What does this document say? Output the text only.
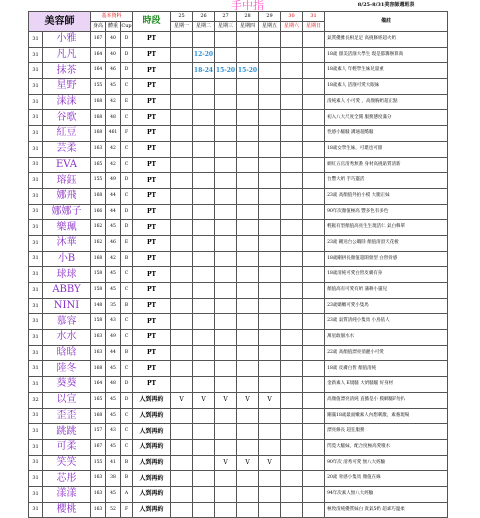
						手中指							8/25-8/31美容師週班表
美容師		基本資料			時段	25	26	27	28	29	30	31	備註
		身高	體重	Cup		星期一	星期二	星期三	星期四	星期五	星期六	星期日	
31	小雅	167	40	D	PT								氣質優雅長相足足 高挑修經超火奶
31	凡凡	164	40	D	PT		12-20						18歲 甜美活潑大學生 現是都籌辦算商
31	抹茶	164	46	D	PT		18-24	15-20	15-20				18歲素人 年輕學生妹兒量重
31	星野	155	45	C	PT								18歲素人 活潑可愛大眼妹
31	涞涞	168	42	E	PT								清純素人 小可愛 ，高顏胸奶超正點
31	谷歌	168	48	C	PT								初入八大尺度全開 服務態度滿分
31	紅豆	168	461	F	PT								性感小騷騷 溝通超酷騷
31	芸柔	163	42	C	PT								18歲女學生妹，可堪也可甜
31	EVA	165	42	C	PT								網紅五官清秀無番 身材高挑貼質清新
31	瑢鈺	155	49	D	PT								台豐大奶 手巧靈活
31	娜飛	168	44	C	PT								23歲 高顏值外拍小模 大腿正妹
31	娜娜子	166	44	D	PT								90年次顏值極高 豐多色有多色
31	樂珮	162	45	D	PT								輕鬆有型顏值高亮生生現活仁 氣白韓單
31	沐華	162	46	E	PT								23歲 剛送台公職陸 顏值清頂天花板
31	小B	168	42	B	PT								18歲剛拼長顏值超開發型 白皙骨感
31	球球	158	45	C	PT								18歲清純可愛白皙皮膚有身
31	ABBY	158	45	C	PT								顏值高有可愛有奶 蒲耕小貓兒
31	NINI	148	35	B	PT								23歲嬌嫩可愛小隻馬
31	慕容	158	43	C	PT								23歲 氣質清純小隻馬 小鳥依人
31	水水	163	49	C	PT								萬星敢個水水
31	晗晗	163	44	B	PT								22歲 高顏值漂亮俏麗小可愛
31	陸冬	168	45	C	PT								18歲 皮膚白皙 顏值清純
31	葵葵	164	48	D	PT								金新素人 E規騷 大奶騷騷 好身材
32	以宣	165	45	D	人到再約	V	V	V	V	V			高顏值漂亮清純 直播是小 模網騷F勿扒
31	歪歪	168	45	C	人到再約								剛滿18歲最面嫩素人內想刺激，素養現場
31	跳跳	157	43	C	人到再約								漂亮修長 超狂服務
31	可柔	167	45	C	人到再約								閃覓大騷妹，配合度極高愛噴水
31	笑笑	155	41	B	人到再約			V	V	V			90年次 清秀可愛 無八大經驗
31	芯彤	163	38	B	人到再約								20歲 骨感小隻馬 顏值在線
31	漾漾	163	45	A	人到再約								94年次素人無八大經驗
31	櫻桃	163	52	F	人到再約								極致清純優質妹白 貴氣5奶 超乖巧溫柔
